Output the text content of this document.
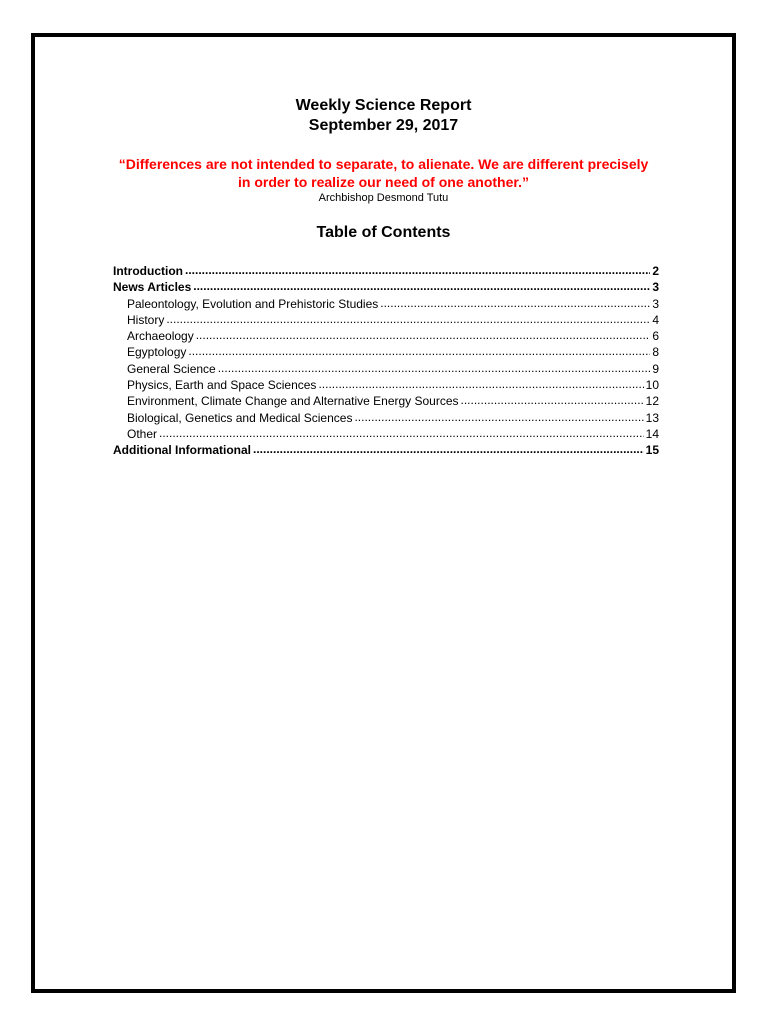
Weekly Science Report
September 29, 2017
“Differences are not intended to separate, to alienate. We are different precisely in order to realize our need of one another.”
Archbishop Desmond Tutu
Table of Contents
Introduction .....	2
News Articles .....	3
Paleontology, Evolution and Prehistoric Studies .....	3
History .....	4
Archaeology .....	6
Egyptology .....	8
General Science .....	9
Physics, Earth and Space Sciences .....	10
Environment, Climate Change and Alternative Energy Sources .....	12
Biological, Genetics and Medical Sciences .....	13
Other .....	14
Additional Informational .....	15
